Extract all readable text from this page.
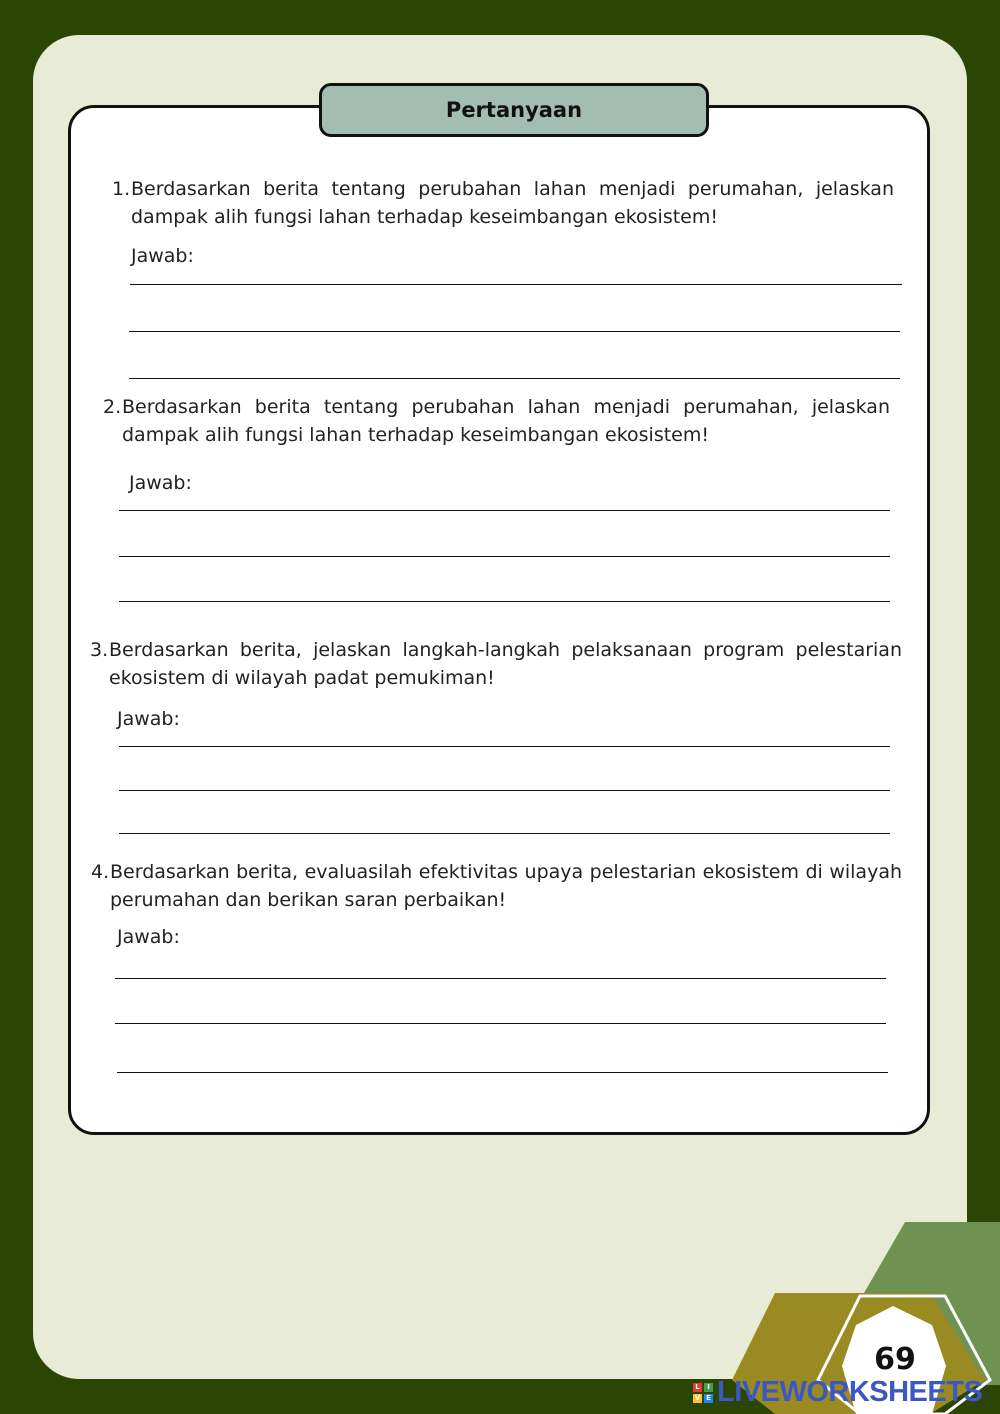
Pertanyaan
1. Berdasarkan berita tentang perubahan lahan menjadi perumahan, jelaskan dampak alih fungsi lahan terhadap keseimbangan ekosistem!
Jawab:
2. Berdasarkan berita tentang perubahan lahan menjadi perumahan, jelaskan dampak alih fungsi lahan terhadap keseimbangan ekosistem!
Jawab:
3. Berdasarkan berita, jelaskan langkah-langkah pelaksanaan program pelestarian ekosistem di wilayah padat pemukiman!
Jawab:
4. Berdasarkan berita, evaluasilah efektivitas upaya pelestarian ekosistem di wilayah perumahan dan berikan saran perbaikan!
Jawab:
69
L	I
V E LIVEWORKSHEETS
